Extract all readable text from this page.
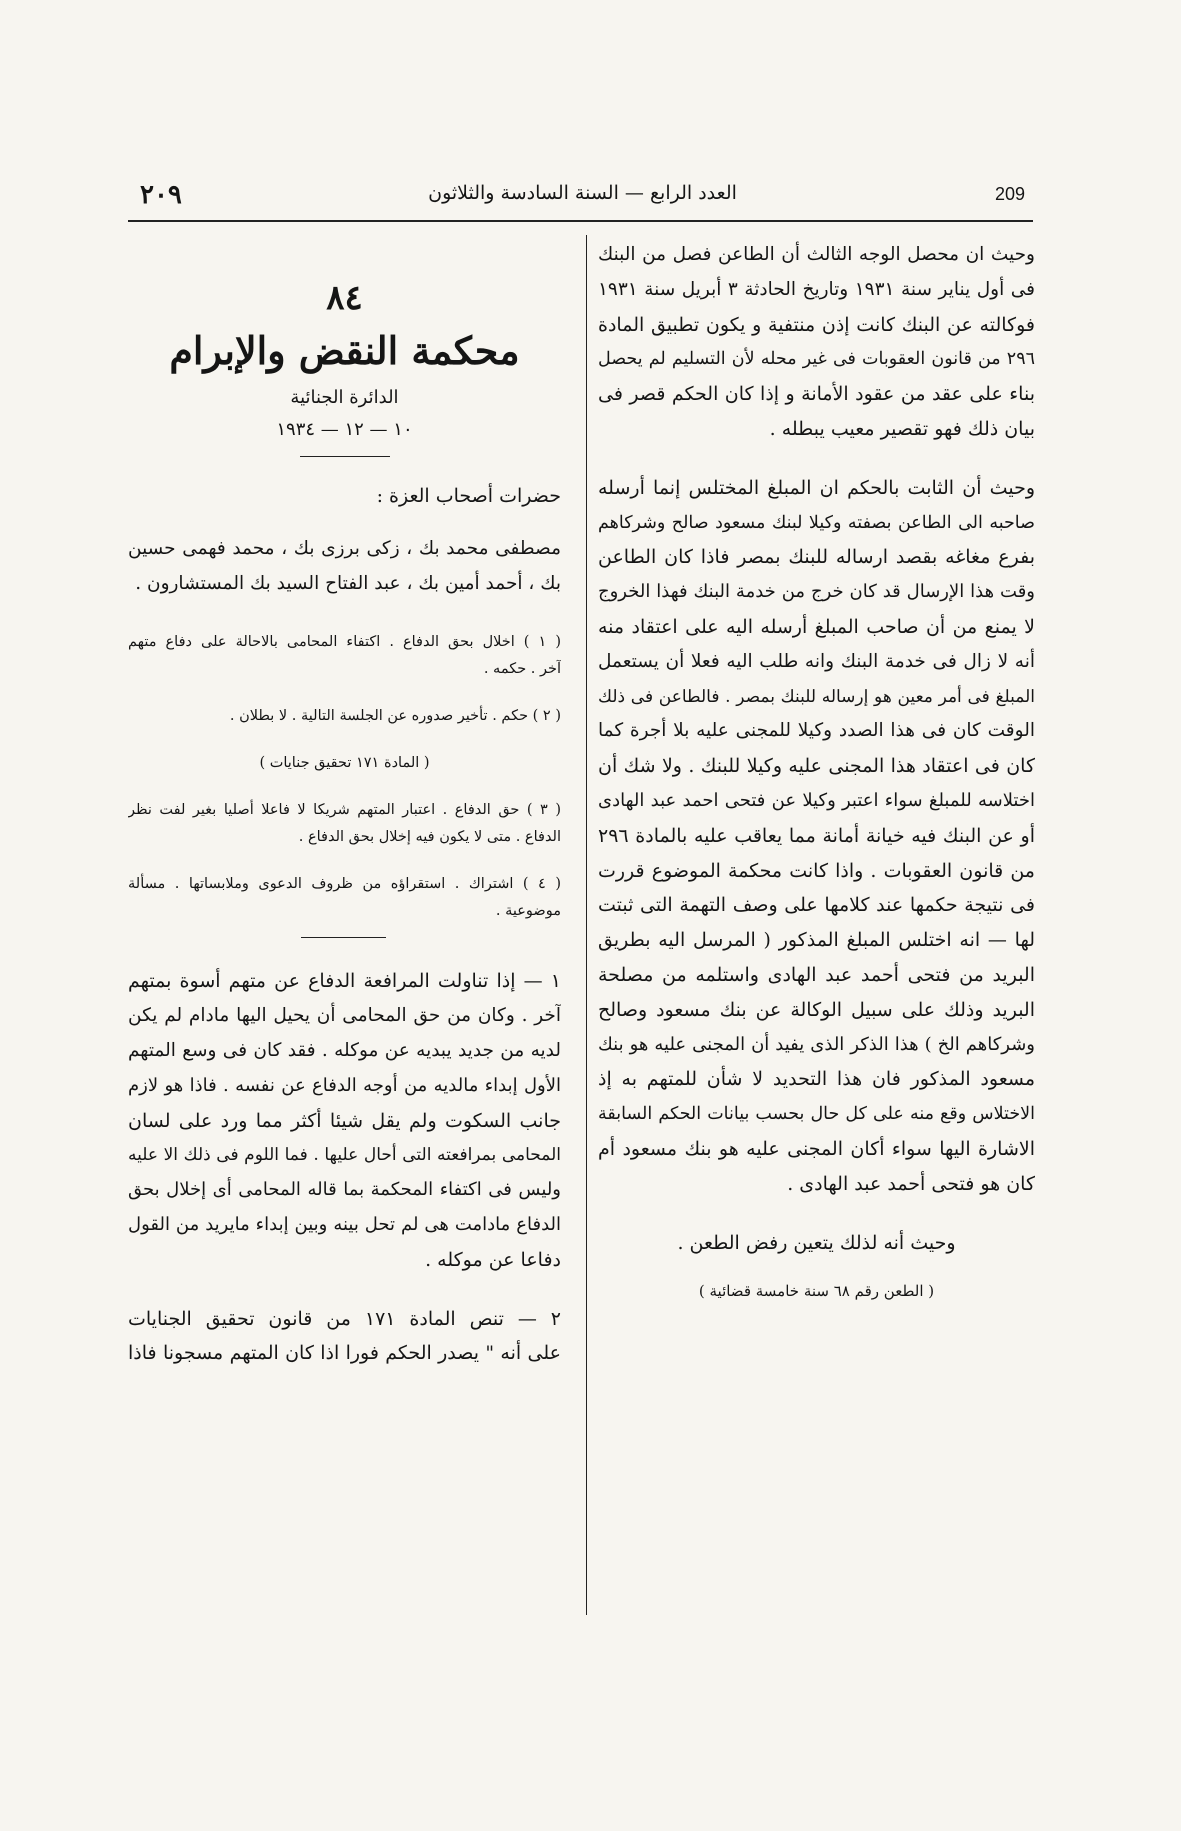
٢٠٩	العدد الرابع — السنة السادسة والثلاثون	209
وحيث ان محصل الوجه الثالث أن الطاعن فصل من البنك
فى أول يناير سنة ١٩٣١ وتاريخ الحادثة ٣ أبريل سنة ١٩٣١
فوكالته عن البنك كانت إذن منتفية و يكون تطبيق المادة
٢٩٦ من قانون العقوبات فى غير محله لأن التسليم لم يحصل
بناء على عقد من عقود الأمانة و إذا كان الحكم قصر فى
بيان ذلك فهو تقصير معيب يبطله .
وحيث أن الثابت بالحكم ان المبلغ المختلس إنما أرسله
صاحبه الى الطاعن بصفته وكيلا لبنك مسعود صالح وشركاهم
بفرع مغاغه بقصد ارساله للبنك بمصر فاذا كان الطاعن
وقت هذا الإرسال قد كان خرج من خدمة البنك فهذا الخروج
لا يمنع من أن صاحب المبلغ أرسله اليه على اعتقاد منه
أنه لا زال فى خدمة البنك وانه طلب اليه فعلا أن يستعمل
المبلغ فى أمر معين هو إرساله للبنك بمصر . فالطاعن فى ذلك
الوقت كان فى هذا الصدد وكيلا للمجنى عليه بلا أجرة كما
كان فى اعتقاد هذا المجنى عليه وكيلا للبنك . ولا شك أن
اختلاسه للمبلغ سواء اعتبر وكيلا عن فتحى احمد عبد الهادى
أو عن البنك فيه خيانة أمانة مما يعاقب عليه بالمادة ٢٩٦
من قانون العقوبات . واذا كانت محكمة الموضوع قررت
فى نتيجة حكمها عند كلامها على وصف التهمة التى ثبتت
لها — انه اختلس المبلغ المذكور ( المرسل اليه بطريق
البريد من فتحى أحمد عبد الهادى واستلمه من مصلحة
البريد وذلك على سبيل الوكالة عن بنك مسعود وصالح
وشركاهم الخ ) هذا الذكر الذى يفيد أن المجنى عليه هو بنك
مسعود المذكور فان هذا التحديد لا شأن للمتهم به إذ
الاختلاس وقع منه على كل حال بحسب بيانات الحكم السابقة
الاشارة اليها سواء أكان المجنى عليه هو بنك مسعود أم
كان هو فتحى أحمد عبد الهادى .
وحيث أنه لذلك يتعين رفض الطعن .
( الطعن رقم ٦٨ سنة خامسة قضائية )
٨٤
محكمة النقض والإبرام
الدائرة الجنائية
١٠ — ١٢ — ١٩٣٤
حضرات أصحاب العزة :
مصطفى محمد بك ، زكى برزى بك ، محمد فهمى حسين
بك ، أحمد أمين بك ، عبد الفتاح السيد بك المستشارون .
( ١ ) اخلال بحق الدفاع . اكتفاء المحامى بالاحالة على دفاع متهم
آخر . حكمه .
( ٢ ) حكم . تأخير صدوره عن الجلسة التالية . لا بطلان .
( المادة ١٧١ تحقيق جنايات )
( ٣ ) حق الدفاع . اعتبار المتهم شريكا لا فاعلا أصليا بغير لفت نظر
الدفاع . متى لا يكون فيه إخلال بحق الدفاع .
( ٤ ) اشتراك . استقراؤه من ظروف الدعوى وملابساتها . مسألة
موضوعية .
١ — إذا تناولت المرافعة الدفاع عن متهم أسوة بمتهم
آخر . وكان من حق المحامى أن يحيل اليها مادام لم يكن
لديه من جديد يبديه عن موكله . فقد كان فى وسع المتهم
الأول إبداء مالديه من أوجه الدفاع عن نفسه . فاذا هو لازم
جانب السكوت ولم يقل شيئا أكثر مما ورد على لسان
المحامى بمرافعته التى أحال عليها . فما اللوم فى ذلك الا عليه
وليس فى اكتفاء المحكمة بما قاله المحامى أى إخلال بحق
الدفاع مادامت هى لم تحل بينه وبين إبداء مايريد من القول
دفاعا عن موكله .
٢ — تنص المادة ١٧١ من قانون تحقيق الجنايات
على أنه " يصدر الحكم فورا اذا كان المتهم مسجونا فاذا
